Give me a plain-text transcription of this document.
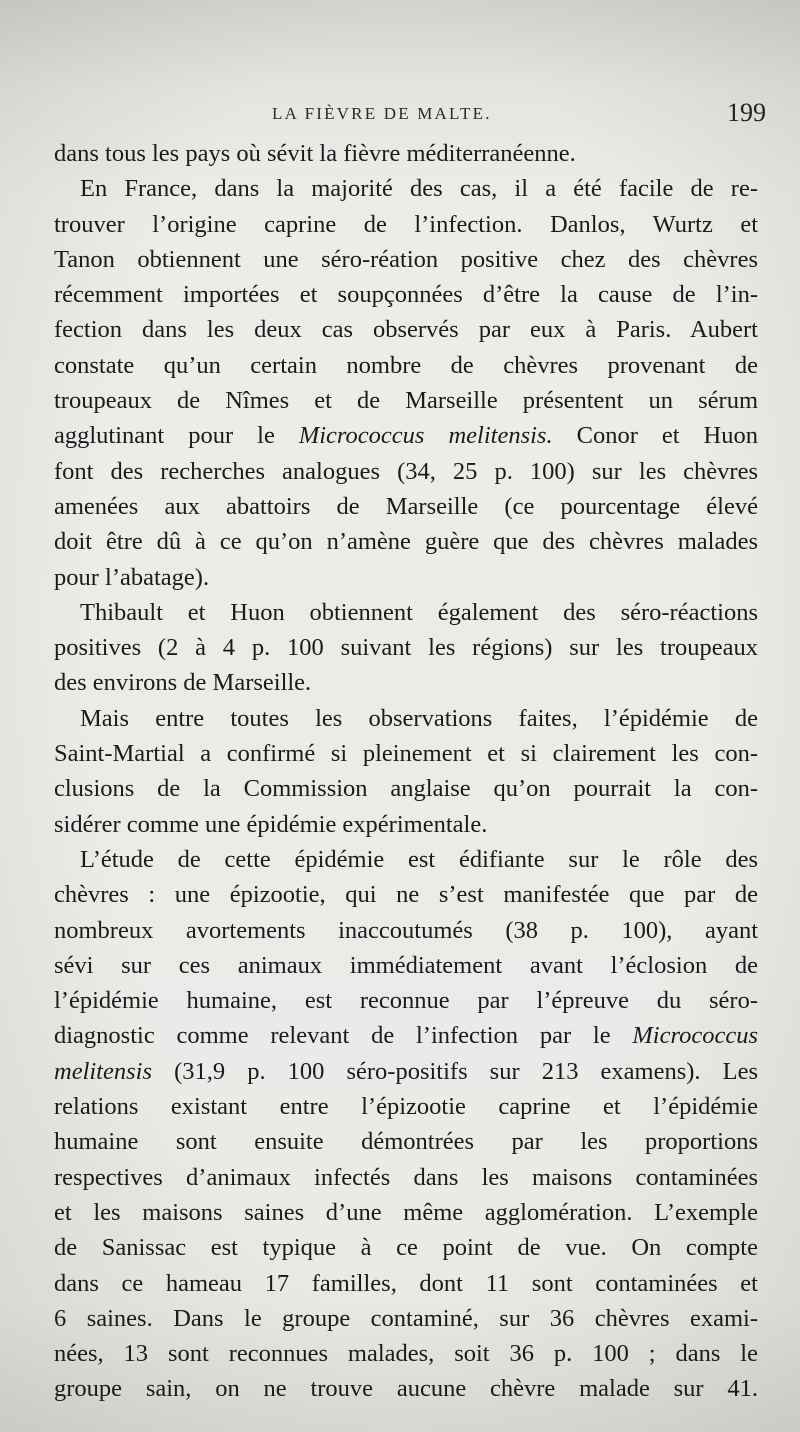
LA FIÈVRE DE MALTE.	199
dans tous les pays où sévit la fièvre méditerranéenne.
En France, dans la majorité des cas, il a été facile de re-
trouver l’origine caprine de l’infection. Danlos, Wurtz et
Tanon obtiennent une séro-réation positive chez des chèvres
récemment importées et soupçonnées d’être la cause de l’in-
fection dans les deux cas observés par eux à Paris. Aubert
constate qu’un certain nombre de chèvres provenant de
troupeaux de Nîmes et de Marseille présentent un sérum
agglutinant pour le Micrococcus melitensis. Conor et Huon
font des recherches analogues (34, 25 p. 100) sur les chèvres
amenées aux abattoirs de Marseille (ce pourcentage élevé
doit être dû à ce qu’on n’amène guère que des chèvres malades
pour l’abatage).
Thibault et Huon obtiennent également des séro-réactions
positives (2 à 4 p. 100 suivant les régions) sur les troupeaux
des environs de Marseille.
Mais entre toutes les observations faites, l’épidémie de
Saint-Martial a confirmé si pleinement et si clairement les con-
clusions de la Commission anglaise qu’on pourrait la con-
sidérer comme une épidémie expérimentale.
L’étude de cette épidémie est édifiante sur le rôle des
chèvres : une épizootie, qui ne s’est manifestée que par de
nombreux avortements inaccoutumés (38 p. 100), ayant
sévi sur ces animaux immédiatement avant l’éclosion de
l’épidémie humaine, est reconnue par l’épreuve du séro-
diagnostic comme relevant de l’infection par le Micrococcus
melitensis (31,9 p. 100 séro-positifs sur 213 examens). Les
relations existant entre l’épizootie caprine et l’épidémie
humaine sont ensuite démontrées par les proportions
respectives d’animaux infectés dans les maisons contaminées
et les maisons saines d’une même agglomération. L’exemple
de Sanissac est typique à ce point de vue. On compte
dans ce hameau 17 familles, dont 11 sont contaminées et
6 saines. Dans le groupe contaminé, sur 36 chèvres exami-
nées, 13 sont reconnues malades, soit 36 p. 100 ; dans le
groupe sain, on ne trouve aucune chèvre malade sur 41.
